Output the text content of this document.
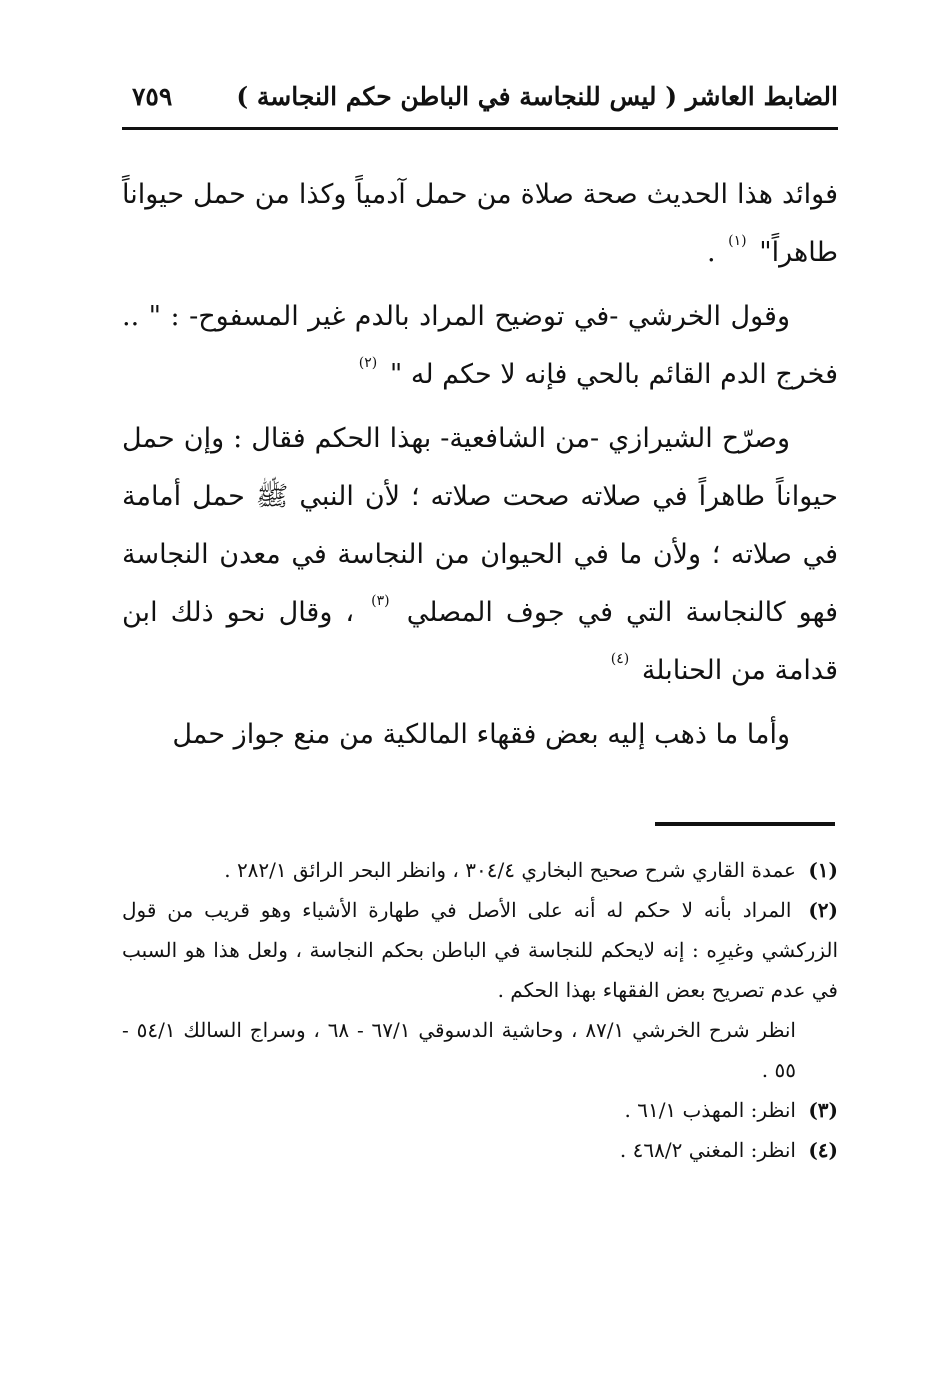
الضابط العاشر ( ليس للنجاسة في الباطن حكم النجاسة )
٧٥٩

فوائد هذا الحديث صحة صلاة من حمل آدمياً وكذا من حمل حيواناً طاهراً" $^{(١)}$ .

وقول الخرشي -في توضيح المراد بالدم غير المسفوح- : " .. فخرج الدم القائم بالحي فإنه لا حكم له " $^{(٢)}$

وصرّح الشيرازي -من الشافعية- بهذا الحكم فقال : وإن حمل حيواناً طاهراً في صلاته صحت صلاته ؛ لأن النبي ﷺ حمل أمامة في صلاته ؛ ولأن ما في الحيوان من النجاسة في معدن النجاسة فهو كالنجاسة التي في جوف المصلي $^{(٣)}$ ، وقال نحو ذلك ابن قدامة من الحنابلة $^{(٤)}$

وأما ما ذهب إليه بعض فقهاء المالكية من منع جواز حمل

(١) عمدة القاري شرح صحيح البخاري ٣٠٤/٤ ، وانظر البحر الرائق ٢٨٢/١ .

(٢) المراد بأنه لا حكم له أنه على الأصل في طهارة الأشياء وهو قريب من قول الزركشي وغيرِه : إنه لايحكم للنجاسة في الباطن بحكم النجاسة ، ولعل هذا هو السبب في عدم تصريح بعض الفقهاء بهذا الحكم .

انظر شرح الخرشي ٨٧/١ ، وحاشية الدسوقي ٦٧/١ - ٦٨ ، وسراج السالك ٥٤/١ - ٥٥ .

(٣) انظر: المهذب ٦١/١ .

(٤) انظر: المغني ٤٦٨/٢ .
